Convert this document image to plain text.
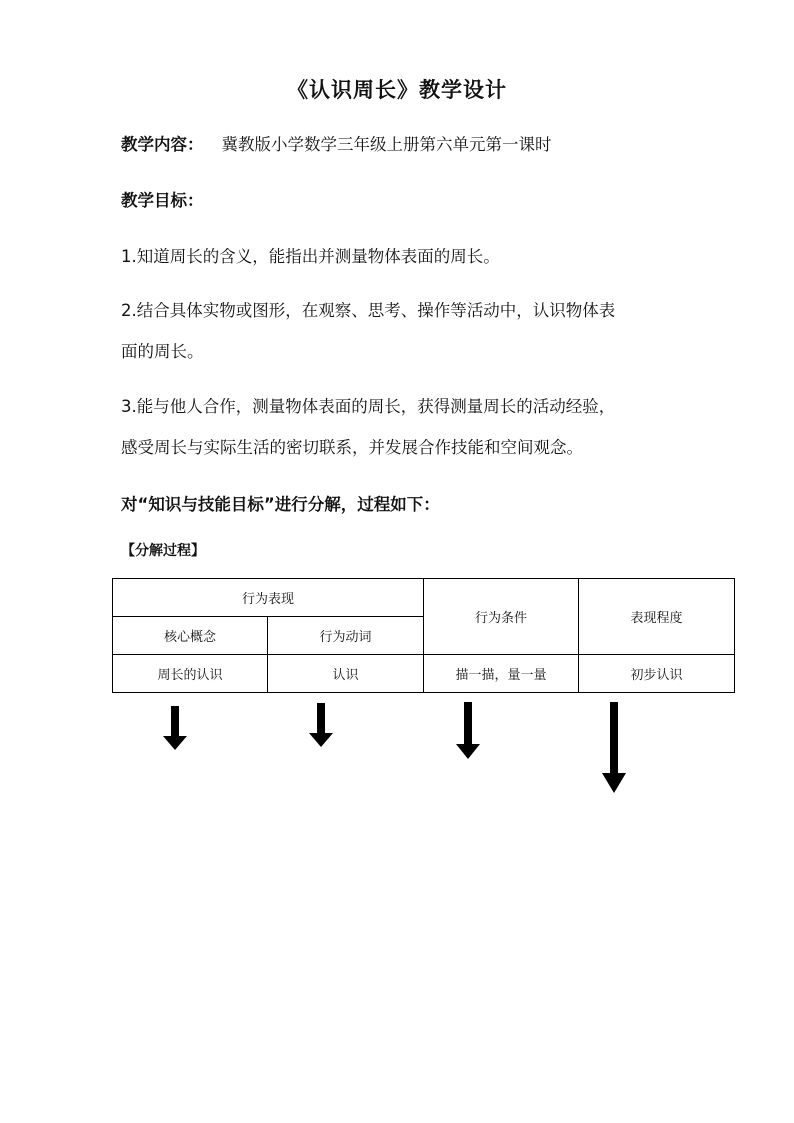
《认识周长》教学设计
教学内容： 冀教版小学数学三年级上册第六单元第一课时
教学目标：
1.知道周长的含义，能指出并测量物体表面的周长。
2.结合具体实物或图形，在观察、思考、操作等活动中，认识物体表
面的周长。
3.能与他人合作，测量物体表面的周长，获得测量周长的活动经验，
感受周长与实际生活的密切联系，并发展合作技能和空间观念。
对“知识与技能目标”进行分解，过程如下：
【分解过程】
行为表现		行为条件	表现程度
核心概念	行为动词		
周长的认识	认识	描一描，量一量	初步认识
